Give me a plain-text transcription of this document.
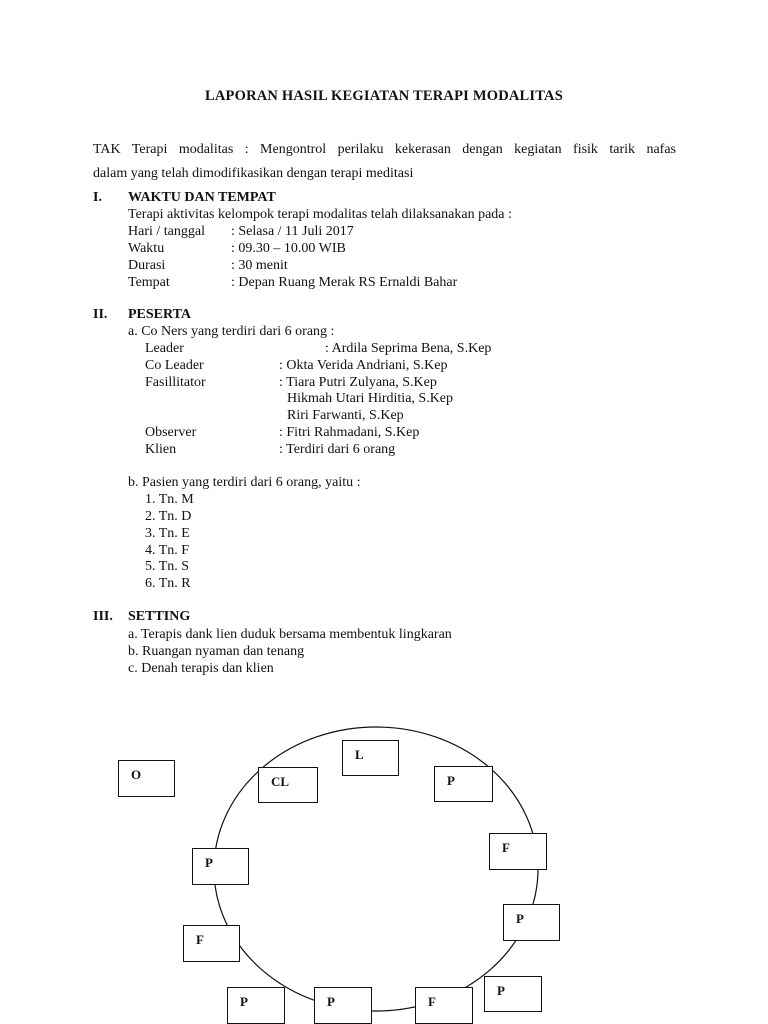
LAPORAN HASIL KEGIATAN TERAPI MODALITAS
TAK Terapi modalitas : Mengontrol perilaku kekerasan dengan kegiatan fisik tarik nafas
dalam yang telah dimodifikasikan dengan terapi meditasi
I. WAKTU DAN TEMPAT
Terapi aktivitas kelompok terapi modalitas telah dilaksanakan pada :
Hari / tanggal : Selasa / 11 Juli 2017
Waktu	: 09.30 – 10.00 WIB
Durasi	: 30 menit
Tempat	: Depan Ruang Merak RS Ernaldi Bahar
II. PESERTA
a. Co Ners yang terdiri dari 6 orang :
Leader	: Ardila Seprima Bena, S.Kep
Co Leader	: Okta Verida Andriani, S.Kep
Fasillitator	: Tiara Putri Zulyana, S.Kep
Hikmah Utari Hirditia, S.Kep
Riri Farwanti, S.Kep
Observer	: Fitri Rahmadani, S.Kep
Klien	: Terdiri dari 6 orang
b. Pasien yang terdiri dari 6 orang, yaitu :
1. Tn. M
2. Tn. D
3. Tn. E
4. Tn. F
5. Tn. S
6. Tn. R
III. SETTING
a. Terapis dank lien duduk bersama membentuk lingkaran
b. Ruangan nyaman dan tenang
c. Denah terapis dan klien
O
L
CL	P
F
P
P
F
P
P	P	F
